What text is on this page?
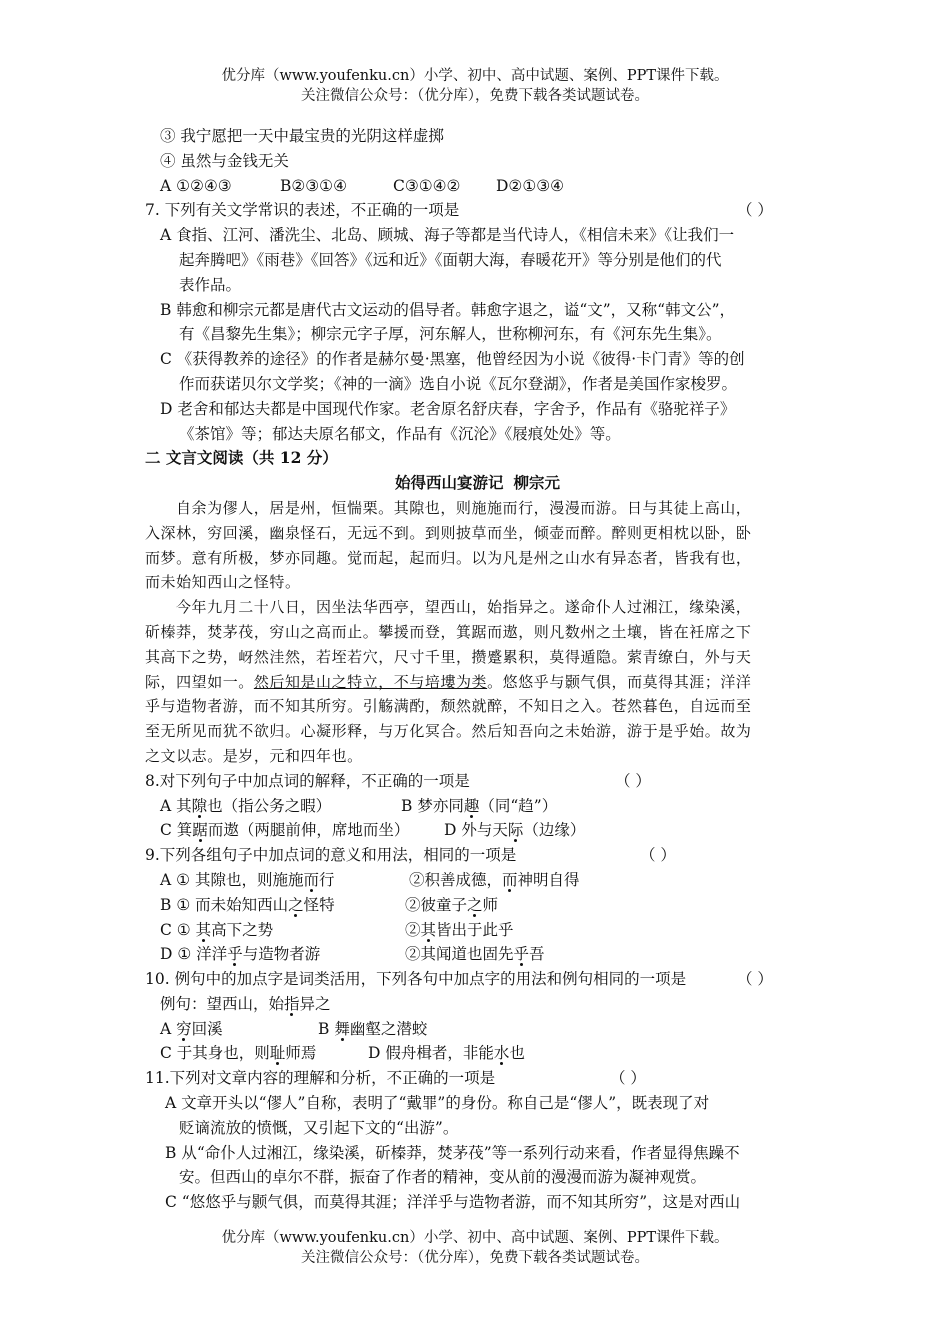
优分库（www.youfenku.cn）小学、初中、高中试题、案例、PPT课件下载。
关注微信公众号：（优分库），免费下载各类试题试卷。
③ 我宁愿把一天中最宝贵的光阴这样虚掷
④ 虽然与金钱无关
A ①②④③	B②③①④	C③①④② D②①③④
7. 下列有关文学常识的表述，不正确的一项是	（ ）
A 食指、江河、潘洗尘、北岛、顾城、海子等都是当代诗人，《相信未来》《让我们一
起奔腾吧》《雨巷》《回答》《远和近》《面朝大海，春暖花开》等分别是他们的代
表作品。
B 韩愈和柳宗元都是唐代古文运动的倡导者。韩愈字退之，谥“文”，又称“韩文公”，
有《昌黎先生集》；柳宗元字子厚，河东解人，世称柳河东，有《河东先生集》。
C 《获得教养的途径》的作者是赫尔曼·黑塞，他曾经因为小说《彼得·卡门青》等的创
作而获诺贝尔文学奖；《神的一滴》选自小说《瓦尔登湖》，作者是美国作家梭罗。
D 老舍和郁达夫都是中国现代作家。老舍原名舒庆春，字舍予，作品有《骆驼祥子》
《茶馆》等；郁达夫原名郁文，作品有《沉沦》《屐痕处处》等。
二 文言文阅读（共 12 分）
始得西山宴游记 柳宗元
自余为僇人，居是州，恒惴栗。其隙也，则施施而行，漫漫而游。日与其徒上高山，
入深林，穷回溪，幽泉怪石，无远不到。到则披草而坐，倾壶而醉。醉则更相枕以卧，卧
而梦。意有所极，梦亦同趣。觉而起，起而归。以为凡是州之山水有异态者，皆我有也，
而未始知西山之怪特。
今年九月二十八日，因坐法华西亭，望西山，始指异之。遂命仆人过湘江，缘染溪，
斫榛莽，焚茅茷，穷山之高而止。攀援而登，箕踞而遨，则凡数州之土壤，皆在衽席之下
其高下之势，岈然洼然，若垤若穴，尺寸千里，攒蹙累积，莫得遁隐。萦青缭白，外与天
际，四望如一。然后知是山之特立，不与培塿为类。悠悠乎与颢气俱，而莫得其涯；洋洋
乎与造物者游，而不知其所穷。引觞满酌，颓然就醉，不知日之入。苍然暮色，自远而至
至无所见而犹不欲归。心凝形释，与万化冥合。然后知吾向之未始游，游于是乎始。故为
之文以志。是岁，元和四年也。
8.对下列句子中加点词的解释，不正确的一项是	（ ）
A 其隙也（指公务之暇）	B 梦亦同趣（同“趋”）
C 箕踞而遨（两腿前伸，席地而坐） D 外与天际（边缘）
9.下列各组句子中加点词的意义和用法，相同的一项是	（ ）
A ① 其隙也，则施施而行	②积善成德，而神明自得
B ① 而未始知西山之怪特	②彼童子之师
C ① 其高下之势	②其皆出于此乎
D ① 洋洋乎与造物者游	②其闻道也固先乎吾
10. 例句中的加点字是词类活用，下列各句中加点字的用法和例句相同的一项是	（ ）
例句：望西山，始指异之
A 穷回溪	B 舞幽壑之潜蛟
C 于其身也，则耻师焉	D 假舟楫者，非能水也
11.下列对文章内容的理解和分析，不正确的一项是	（ ）
A 文章开头以“僇人”自称，表明了“戴罪”的身份。称自己是“僇人”，既表现了对
贬谪流放的愤慨，又引起下文的“出游”。
B 从“命仆人过湘江，缘染溪，斫榛莽，焚茅茷”等一系列行动来看，作者显得焦躁不
安。但西山的卓尔不群，振奋了作者的精神，变从前的漫漫而游为凝神观赏。
C “悠悠乎与颢气俱，而莫得其涯；洋洋乎与造物者游，而不知其所穷”，这是对西山
优分库（www.youfenku.cn）小学、初中、高中试题、案例、PPT课件下载。
关注微信公众号：（优分库），免费下载各类试题试卷。
